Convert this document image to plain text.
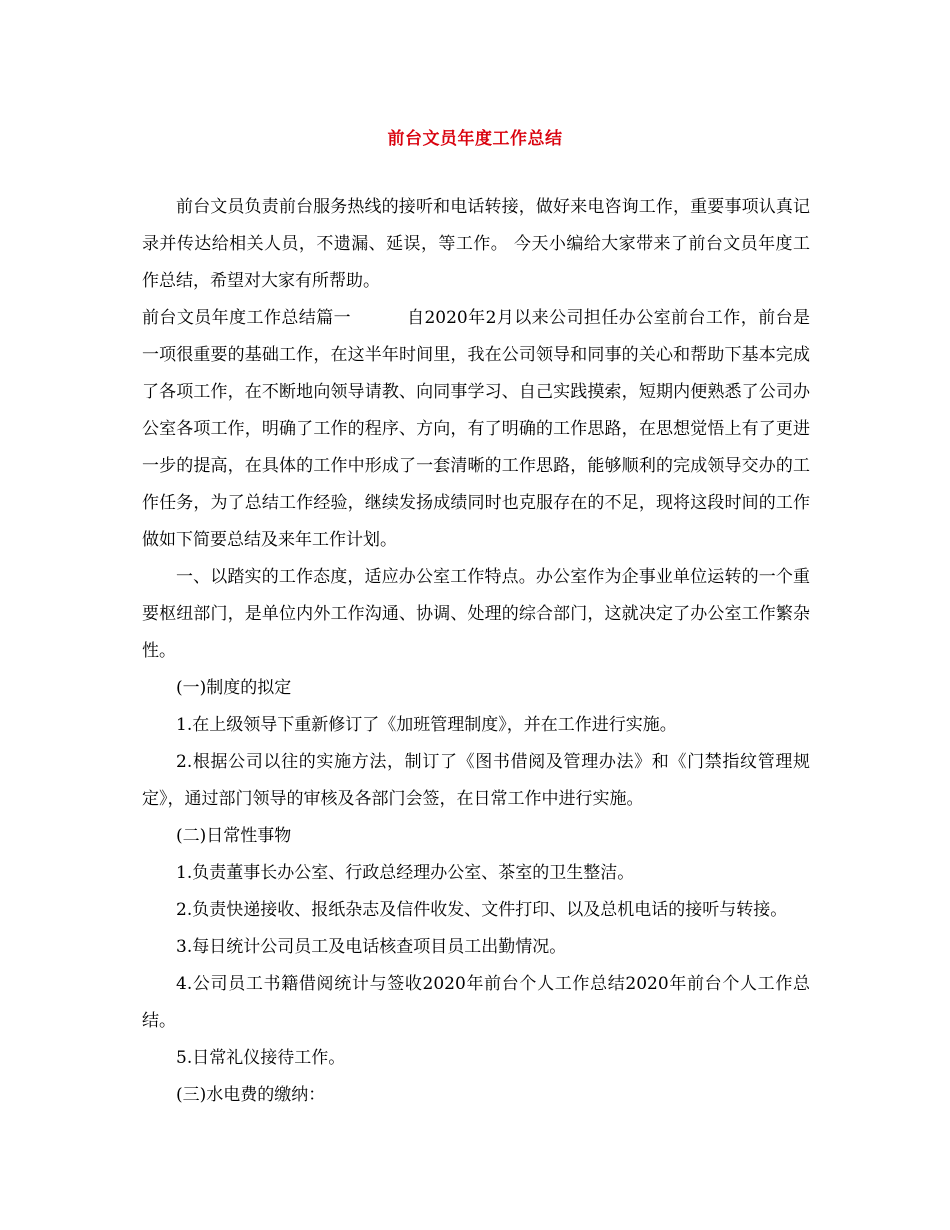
前台文员年度工作总结

前台文员负责前台服务热线的接听和电话转接，做好来电咨询工作，重要事项认真记录并传达给相关人员，不遗漏、延误，等工作。 今天小编给大家带来了前台文员年度工作总结，希望对大家有所帮助。

前台文员年度工作总结篇一	自2020年2月以来公司担任办公室前台工作，前台是一项很重要的基础工作，在这半年时间里，我在公司领导和同事的关心和帮助下基本完成了各项工作，在不断地向领导请教、向同事学习、自己实践摸索，短期内便熟悉了公司办公室各项工作，明确了工作的程序、方向，有了明确的工作思路，在思想觉悟上有了更进一步的提高，在具体的工作中形成了一套清晰的工作思路，能够顺利的完成领导交办的工作任务，为了总结工作经验，继续发扬成绩同时也克服存在的不足，现将这段时间的工作做如下简要总结及来年工作计划。

一、以踏实的工作态度，适应办公室工作特点。办公室作为企事业单位运转的一个重要枢纽部门，是单位内外工作沟通、协调、处理的综合部门，这就决定了办公室工作繁杂性。

(一)制度的拟定

1.在上级领导下重新修订了《加班管理制度》，并在工作进行实施。

2.根据公司以往的实施方法，制订了《图书借阅及管理办法》和《门禁指纹管理规定》，通过部门领导的审核及各部门会签，在日常工作中进行实施。

(二)日常性事物

1.负责董事长办公室、行政总经理办公室、茶室的卫生整洁。

2.负责快递接收、报纸杂志及信件收发、文件打印、以及总机电话的接听与转接。

3.每日统计公司员工及电话核查项目员工出勤情况。

4.公司员工书籍借阅统计与签收2020年前台个人工作总结2020年前台个人工作总结。

5.日常礼仪接待工作。

(三)水电费的缴纳：
